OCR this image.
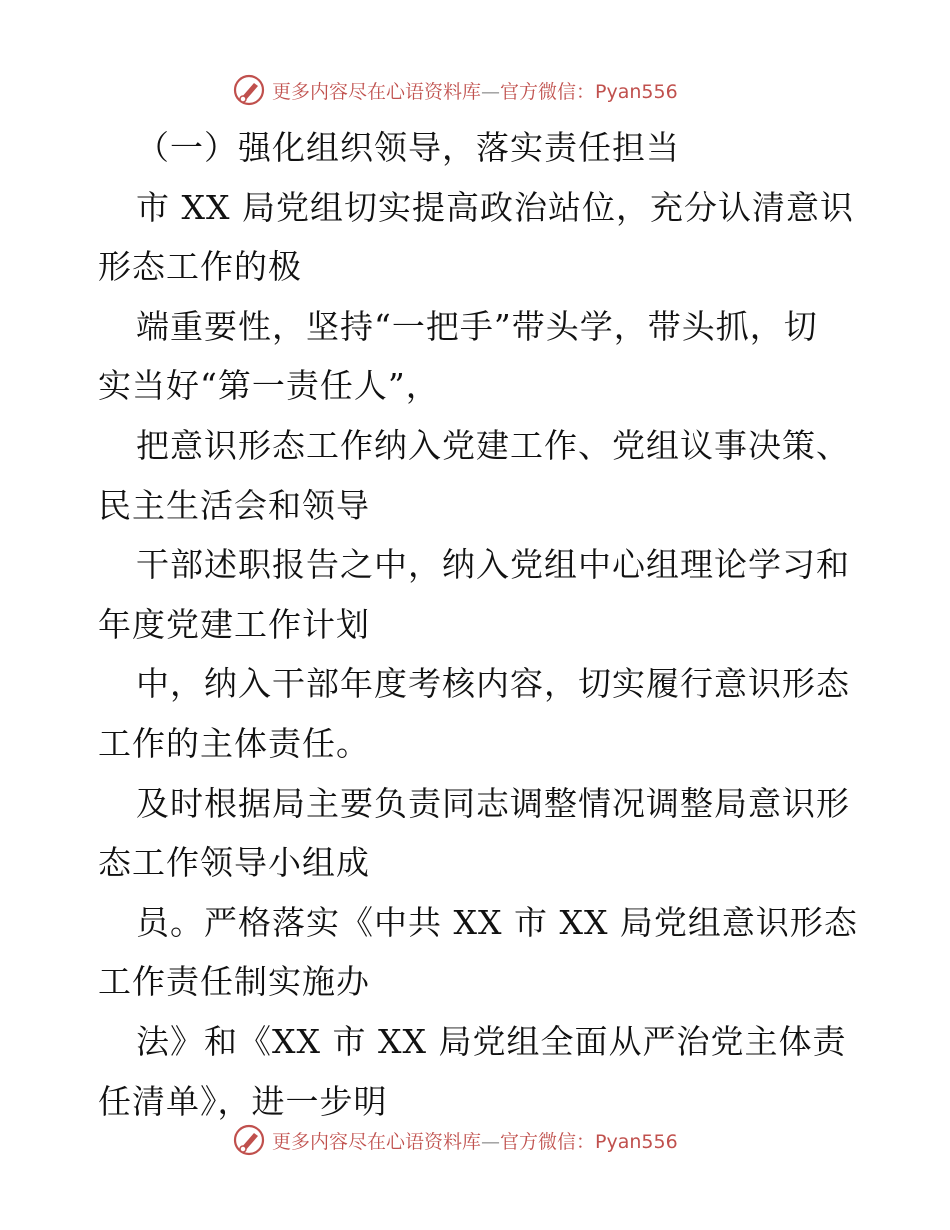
更多内容尽在心语资料库—官方微信：Pyan556
（一）强化组织领导，落实责任担当
市 XX 局党组切实提高政治站位，充分认清意识
形态工作的极
端重要性，坚持“一把手”带头学，带头抓，切
实当好“第一责任人”，
把意识形态工作纳入党建工作、党组议事决策、
民主生活会和领导
干部述职报告之中，纳入党组中心组理论学习和
年度党建工作计划
中，纳入干部年度考核内容，切实履行意识形态
工作的主体责任。
及时根据局主要负责同志调整情况调整局意识形
态工作领导小组成
员。严格落实《中共 XX 市 XX 局党组意识形态
工作责任制实施办
法》和《XX 市 XX 局党组全面从严治党主体责
任清单》，进一步明
更多内容尽在心语资料库—官方微信：Pyan556
